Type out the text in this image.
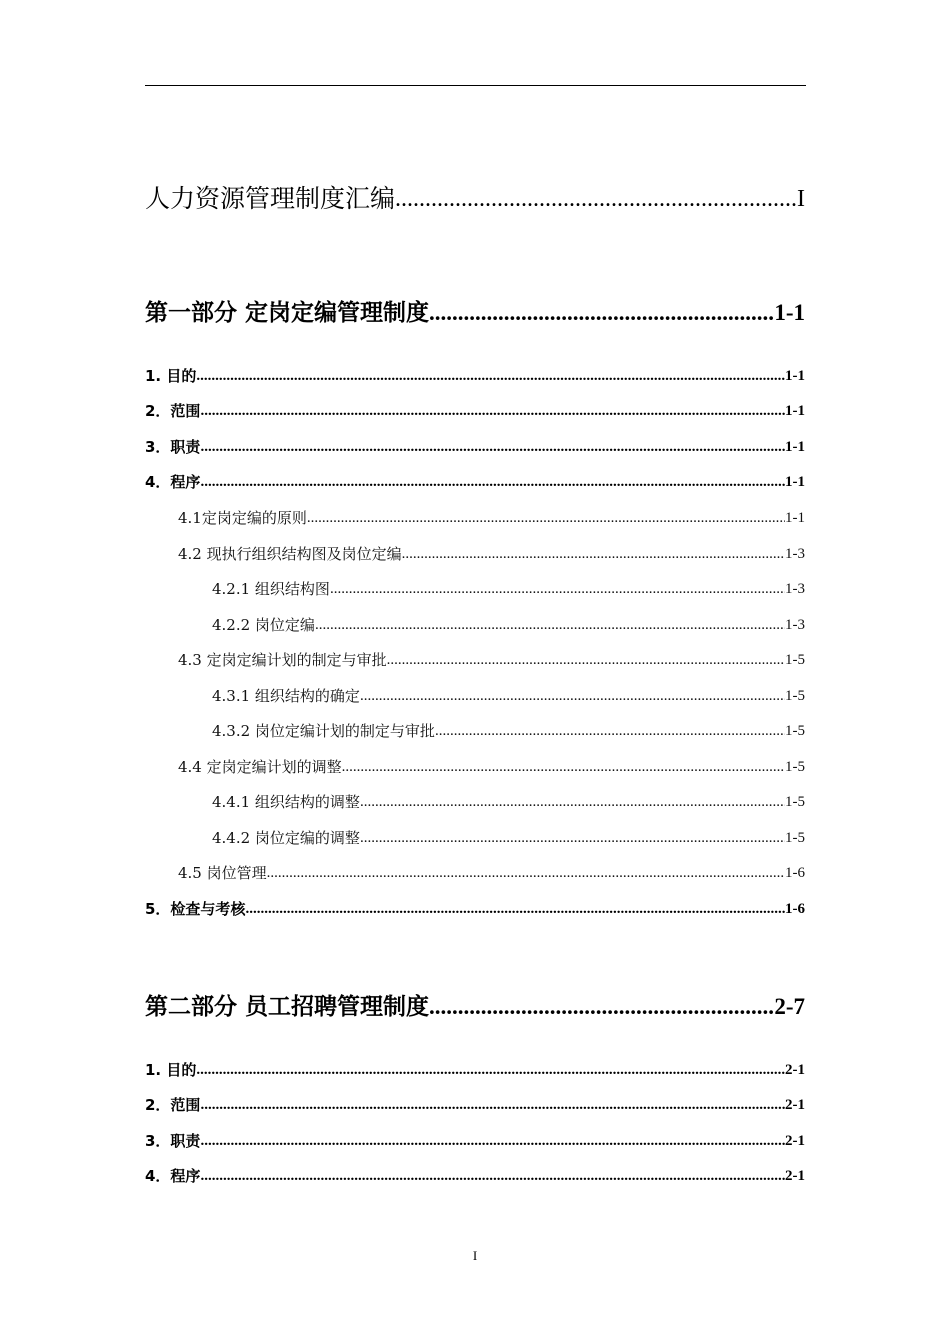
人力资源管理制度汇编 .....	I
第一部分 定岗定编管理制度 .....	1-1
1. 目的 .....	1-1
2．范围 .....	1-1
3．职责 .....	1-1
4．程序 .....	1-1
4.1定岗定编的原则 .....	1-1
4.2 现执行组织结构图及岗位定编 .....	1-3
4.2.1 组织结构图 .....	1-3
4.2.2 岗位定编 .....	1-3
4.3 定岗定编计划的制定与审批 .....	1-5
4.3.1 组织结构的确定 .....	1-5
4.3.2 岗位定编计划的制定与审批 .....	1-5
4.4 定岗定编计划的调整 .....	1-5
4.4.1 组织结构的调整 .....	1-5
4.4.2 岗位定编的调整 .....	1-5
4.5 岗位管理 .....	1-6
5．检查与考核 .....	1-6
第二部分 员工招聘管理制度 .....	2-7
1. 目的 .....	2-1
2．范围 .....	2-1
3．职责 .....	2-1
4．程序 .....	2-1
I
